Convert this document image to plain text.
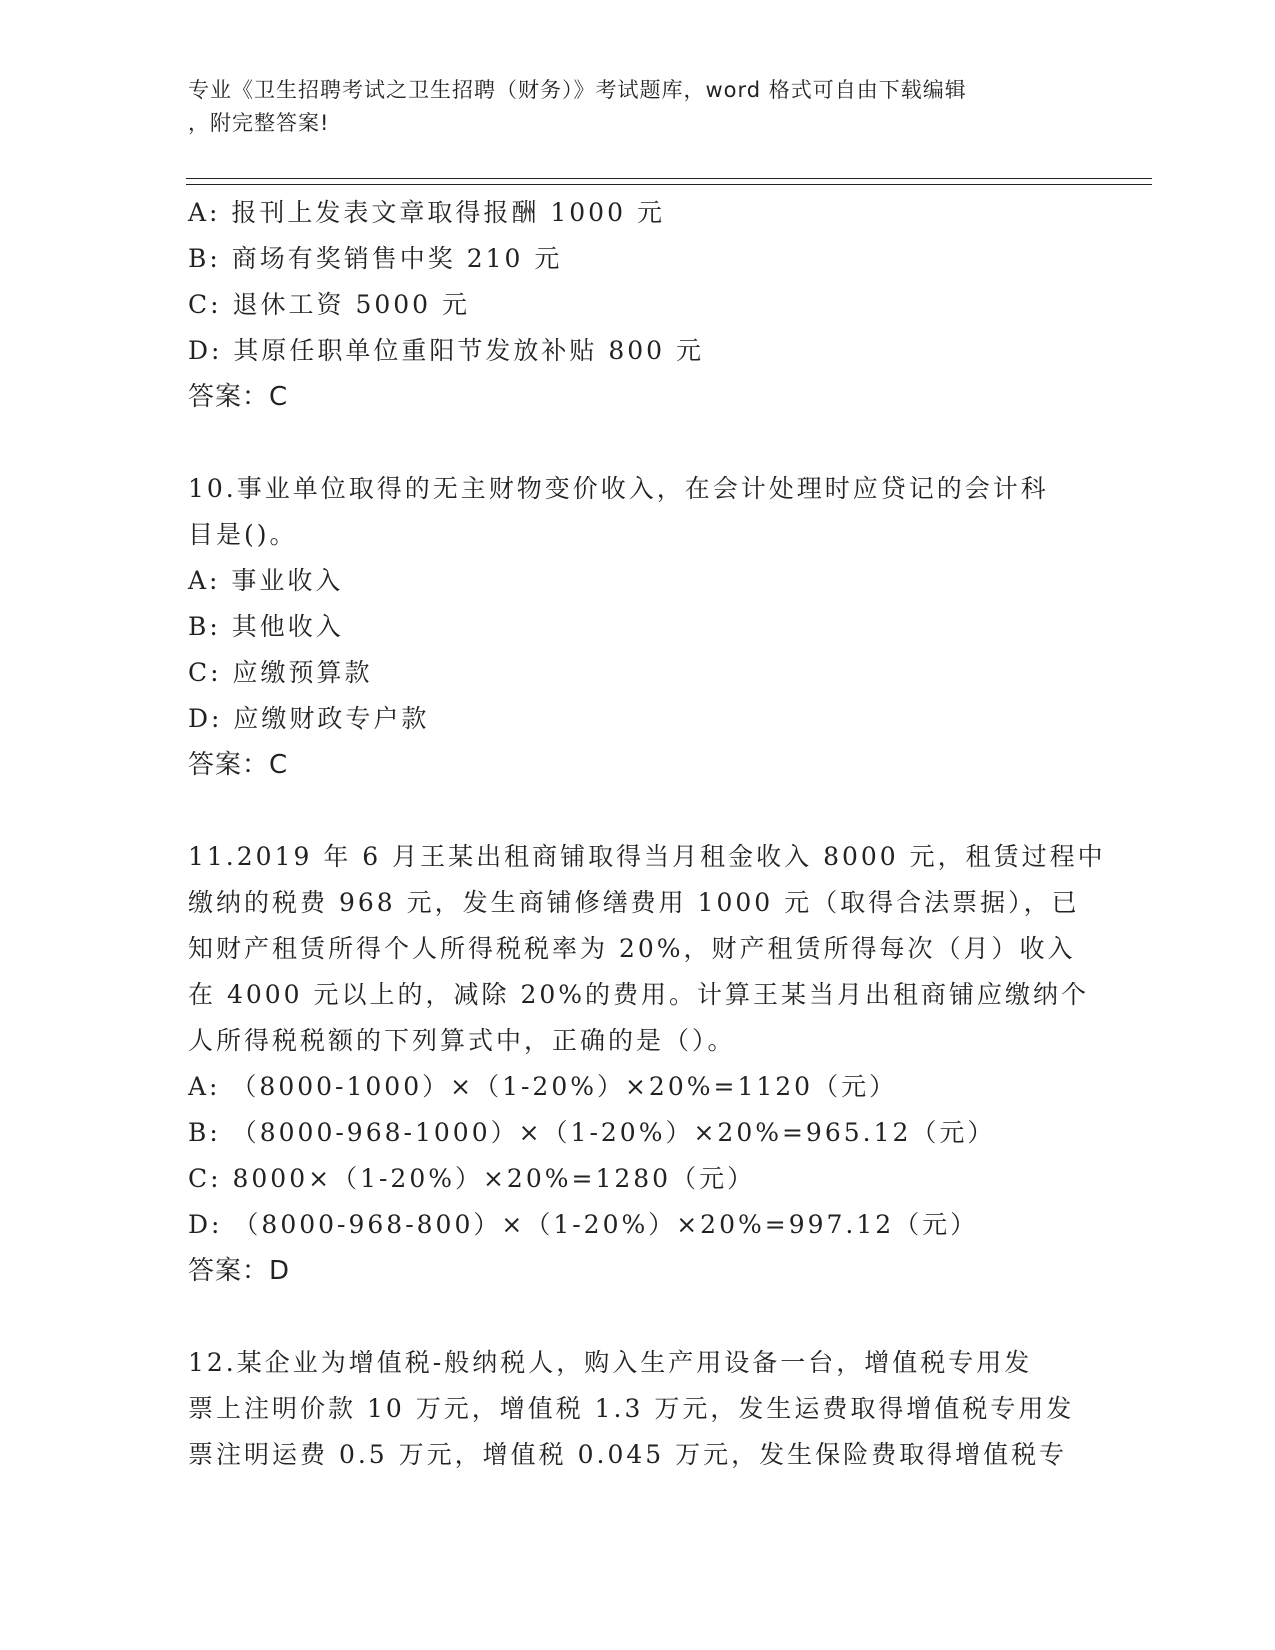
专业《卫生招聘考试之卫生招聘（财务）》考试题库，word 格式可自由下载编辑
，附完整答案!
A: 报刊上发表文章取得报酬 1000 元
B: 商场有奖销售中奖 210 元
C: 退休工资 5000 元
D: 其原任职单位重阳节发放补贴 800 元
答案：C
10.事业单位取得的无主财物变价收入，在会计处理时应贷记的会计科
目是()。
A: 事业收入
B: 其他收入
C: 应缴预算款
D: 应缴财政专户款
答案：C
11.2019 年 6 月王某出租商铺取得当月租金收入 8000 元，租赁过程中
缴纳的税费 968 元，发生商铺修缮费用 1000 元（取得合法票据），已
知财产租赁所得个人所得税税率为 20%，财产租赁所得每次（月）收入
在 4000 元以上的，减除 20%的费用。计算王某当月出租商铺应缴纳个
人所得税税额的下列算式中，正确的是（）。
A: （8000-1000）×（1-20%）×20%=1120（元）
B: （8000-968-1000）×（1-20%）×20%=965.12（元）
C: 8000×（1-20%）×20%=1280（元）
D: （8000-968-800）×（1-20%）×20%=997.12（元）
答案：D
12.某企业为增值税-般纳税人，购入生产用设备一台，增值税专用发
票上注明价款 10 万元，增值税 1.3 万元，发生运费取得增值税专用发
票注明运费 0.5 万元，增值税 0.045 万元，发生保险费取得增值税专
